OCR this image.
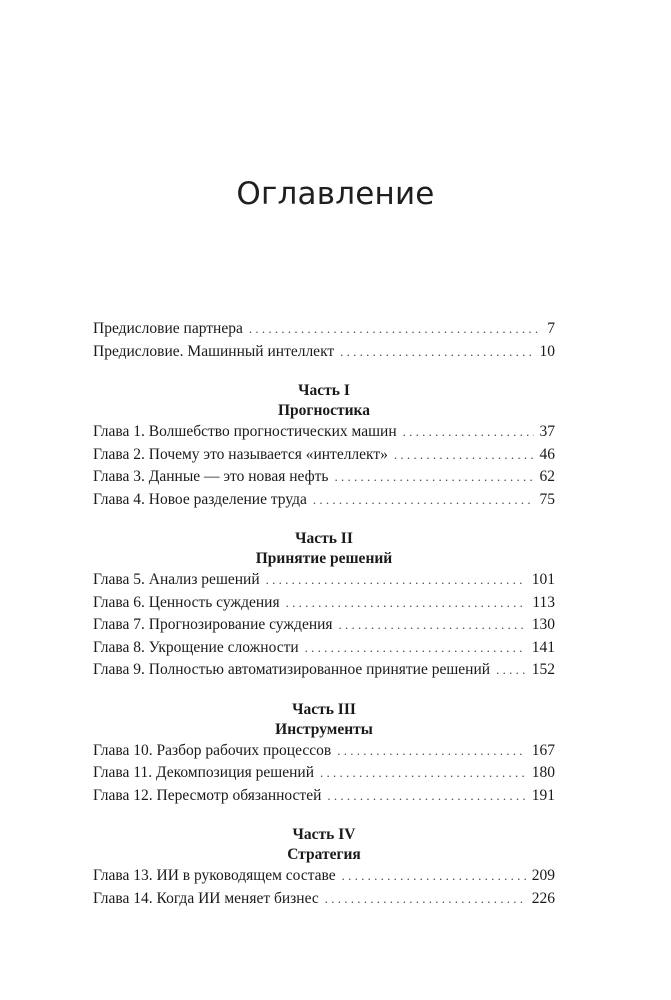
Оглавление
Предисловие партнера . . .	7
Предисловие. Машинный интеллект . . .	10
Часть I
Прогностика
Глава 1. Волшебство прогностических машин . . .	37
Глава 2. Почему это называется «интеллект» . . .	46
Глава 3. Данные — это новая нефть . . .	62
Глава 4. Новое разделение труда . . .	75
Часть II
Принятие решений
Глава 5. Анализ решений . . .	101
Глава 6. Ценность суждения . . .	113
Глава 7. Прогнозирование суждения . . .	130
Глава 8. Укрощение сложности . . .	141
Глава 9. Полностью автоматизированное принятие решений . . .	152
Часть III
Инструменты
Глава 10. Разбор рабочих процессов . . .	167
Глава 11. Декомпозиция решений . . .	180
Глава 12. Пересмотр обязанностей . . .	191
Часть IV
Стратегия
Глава 13. ИИ в руководящем составе . . .	209
Глава 14. Когда ИИ меняет бизнес . . .	226
